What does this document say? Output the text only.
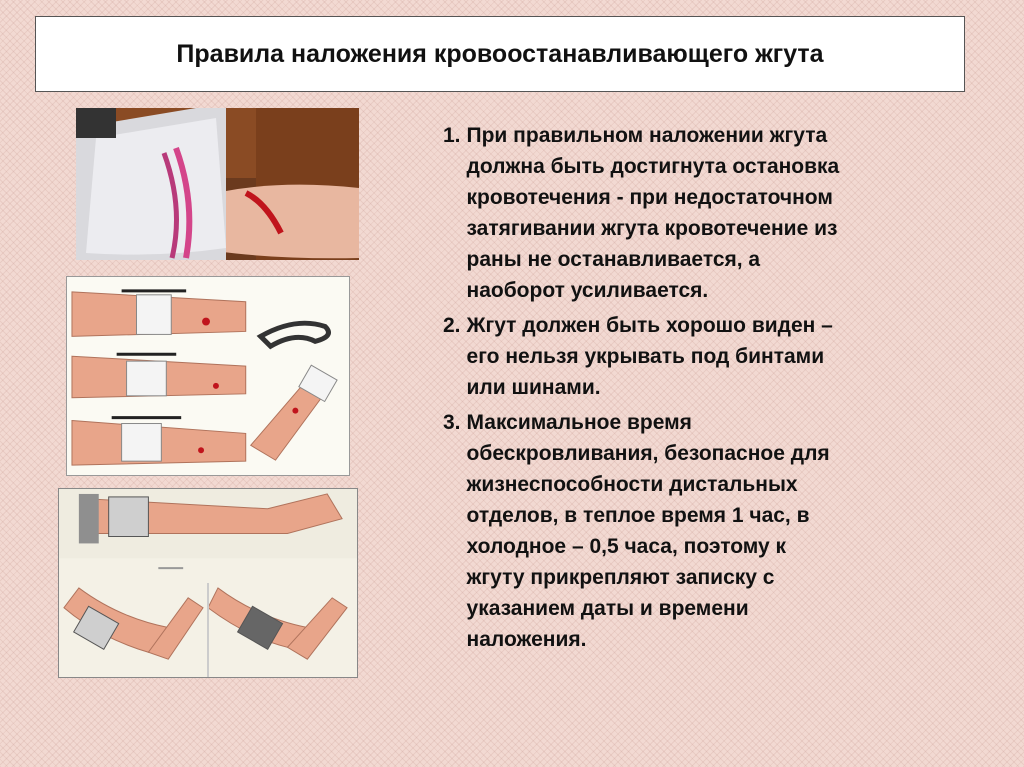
Правила наложения кровоостанавливающего жгута
1. При правильном наложении жгута
должна быть достигнута остановка
кровотечения - при недостаточном
затягивании жгута кровотечение из
раны не останавливается, а
наоборот усиливается.
2. Жгут должен быть хорошо виден –
его нельзя укрывать под бинтами
или шинами.
3. Максимальное время
обескровливания, безопасное для
жизнеспособности дистальных
отделов, в теплое время 1 час, в
холодное – 0,5 часа, поэтому к
жгуту прикрепляют записку с
указанием даты и времени
наложения.
